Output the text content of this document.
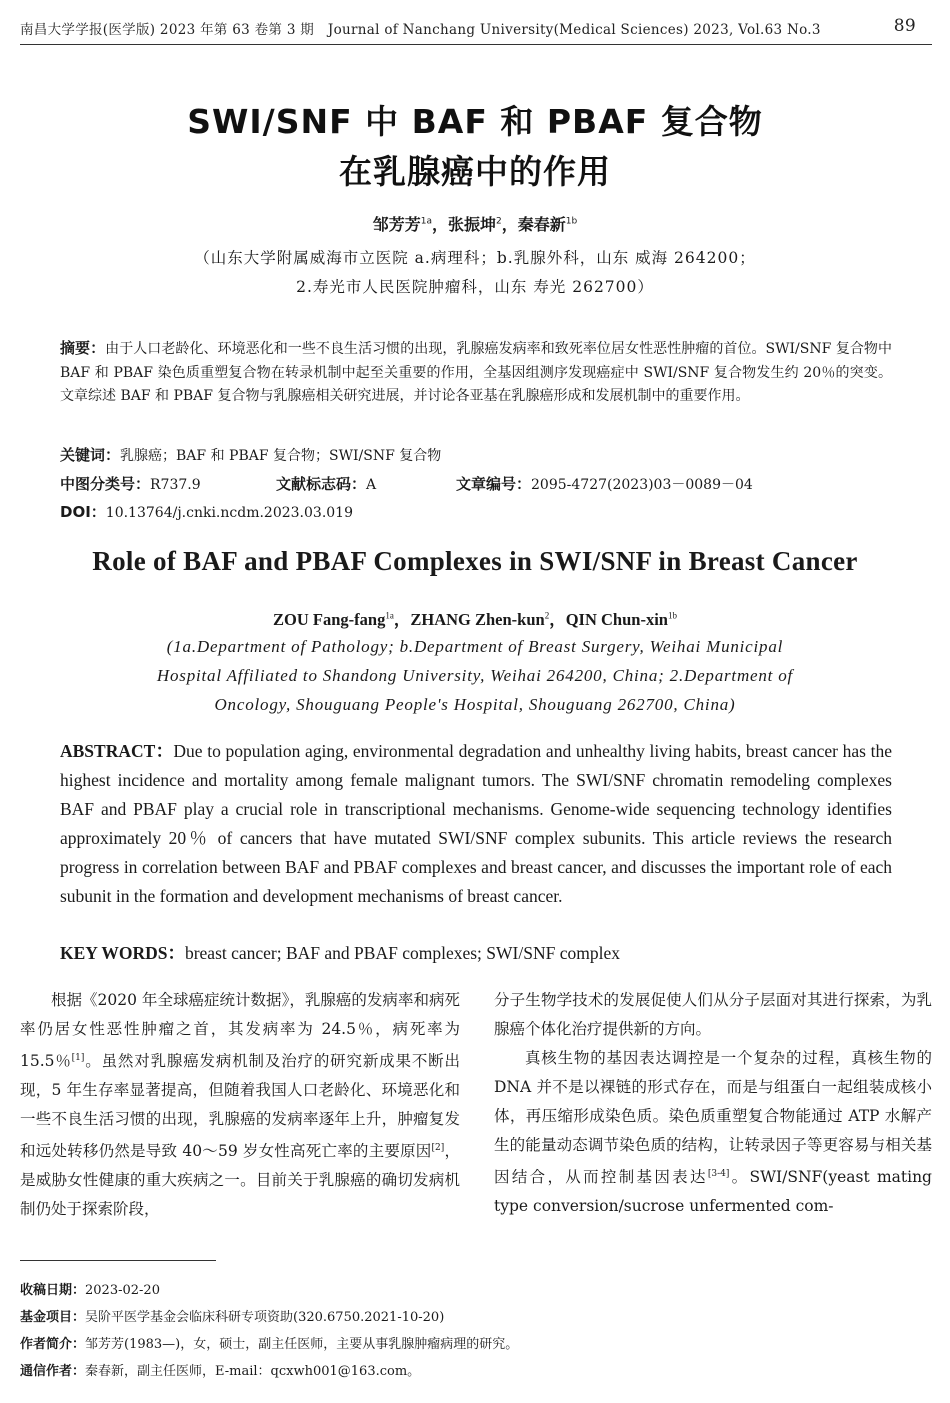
南昌大学学报(医学版) 2023 年第 63 卷第 3 期　Journal of Nanchang University(Medical Sciences) 2023, Vol.63 No.3	89
SWI/SNF 中 BAF 和 PBAF 复合物
在乳腺癌中的作用
邹芳芳$^{1a}$，张振坤$^2$，秦春新$^{1b}$
（山东大学附属威海市立医院 a.病理科；b.乳腺外科，山东 威海 264200；
2.寿光市人民医院肿瘤科，山东 寿光 262700）
摘要：由于人口老龄化、环境恶化和一些不良生活习惯的出现，乳腺癌发病率和致死率位居女性恶性肿瘤的首位。SWI/SNF 复合物中 BAF 和 PBAF 染色质重塑复合物在转录机制中起至关重要的作用，全基因组测序发现癌症中 SWI/SNF 复合物发生约 20％的突变。文章综述 BAF 和 PBAF 复合物与乳腺癌相关研究进展，并讨论各亚基在乳腺癌形成和发展机制中的重要作用。
关键词：乳腺癌；BAF 和 PBAF 复合物；SWI/SNF 复合物
中图分类号：R737.9	文献标志码：A	文章编号：2095-4727(2023)03－0089－04
DOI：10.13764/j.cnki.ncdm.2023.03.019
Role of BAF and PBAF Complexes in SWI/SNF in Breast Cancer
ZOU Fang-fang$^{1a}$，ZHANG Zhen-kun$^2$，QIN Chun-xin$^{1b}$
(1a.Department of Pathology; b.Department of Breast Surgery, Weihai Municipal
Hospital Affiliated to Shandong University, Weihai 264200, China; 2.Department of
Oncology, Shouguang People's Hospital, Shouguang 262700, China)
ABSTRACT：Due to population aging, environmental degradation and unhealthy living habits, breast cancer has the highest incidence and mortality among female malignant tumors. The SWI/SNF chromatin remodeling complexes BAF and PBAF play a crucial role in transcriptional mechanisms. Genome-wide sequencing technology identifies approximately 20％ of cancers that have mutated SWI/SNF complex subunits. This article reviews the research progress in correlation between BAF and PBAF complexes and breast cancer, and discusses the important role of each subunit in the formation and development mechanisms of breast cancer.
KEY WORDS：breast cancer; BAF and PBAF complexes; SWI/SNF complex

根据《2020 年全球癌症统计数据》，乳腺癌的发病率和病死率仍居女性恶性肿瘤之首，其发病率为 24.5％，病死率为 15.5％[1]。虽然对乳腺癌发病机制及治疗的研究新成果不断出现，5 年生存率显著提高，但随着我国人口老龄化、环境恶化和一些不良生活习惯的出现，乳腺癌的发病率逐年上升，肿瘤复发和远处转移仍然是导致 40～59 岁女性高死亡率的主要原因[2]，是威胁女性健康的重大疾病之一。目前关于乳腺癌的确切发病机制仍处于探索阶段，

分子生物学技术的发展促使人们从分子层面对其进行探索，为乳腺癌个体化治疗提供新的方向。

真核生物的基因表达调控是一个复杂的过程，真核生物的 DNA 并不是以裸链的形式存在，而是与组蛋白一起组装成核小体，再压缩形成染色质。染色质重塑复合物能通过 ATP 水解产生的能量动态调节染色质的结构，让转录因子等更容易与相关基因结合，从而控制基因表达[3-4]。SWI/SNF(yeast mating type conversion/sucrose unfermented com-

收稿日期：2023-02-20
基金项目：吴阶平医学基金会临床科研专项资助(320.6750.2021-10-20)
作者简介：邹芳芳(1983—)，女，硕士，副主任医师，主要从事乳腺肿瘤病理的研究。
通信作者：秦春新，副主任医师，E-mail：qcxwh001@163.com。
